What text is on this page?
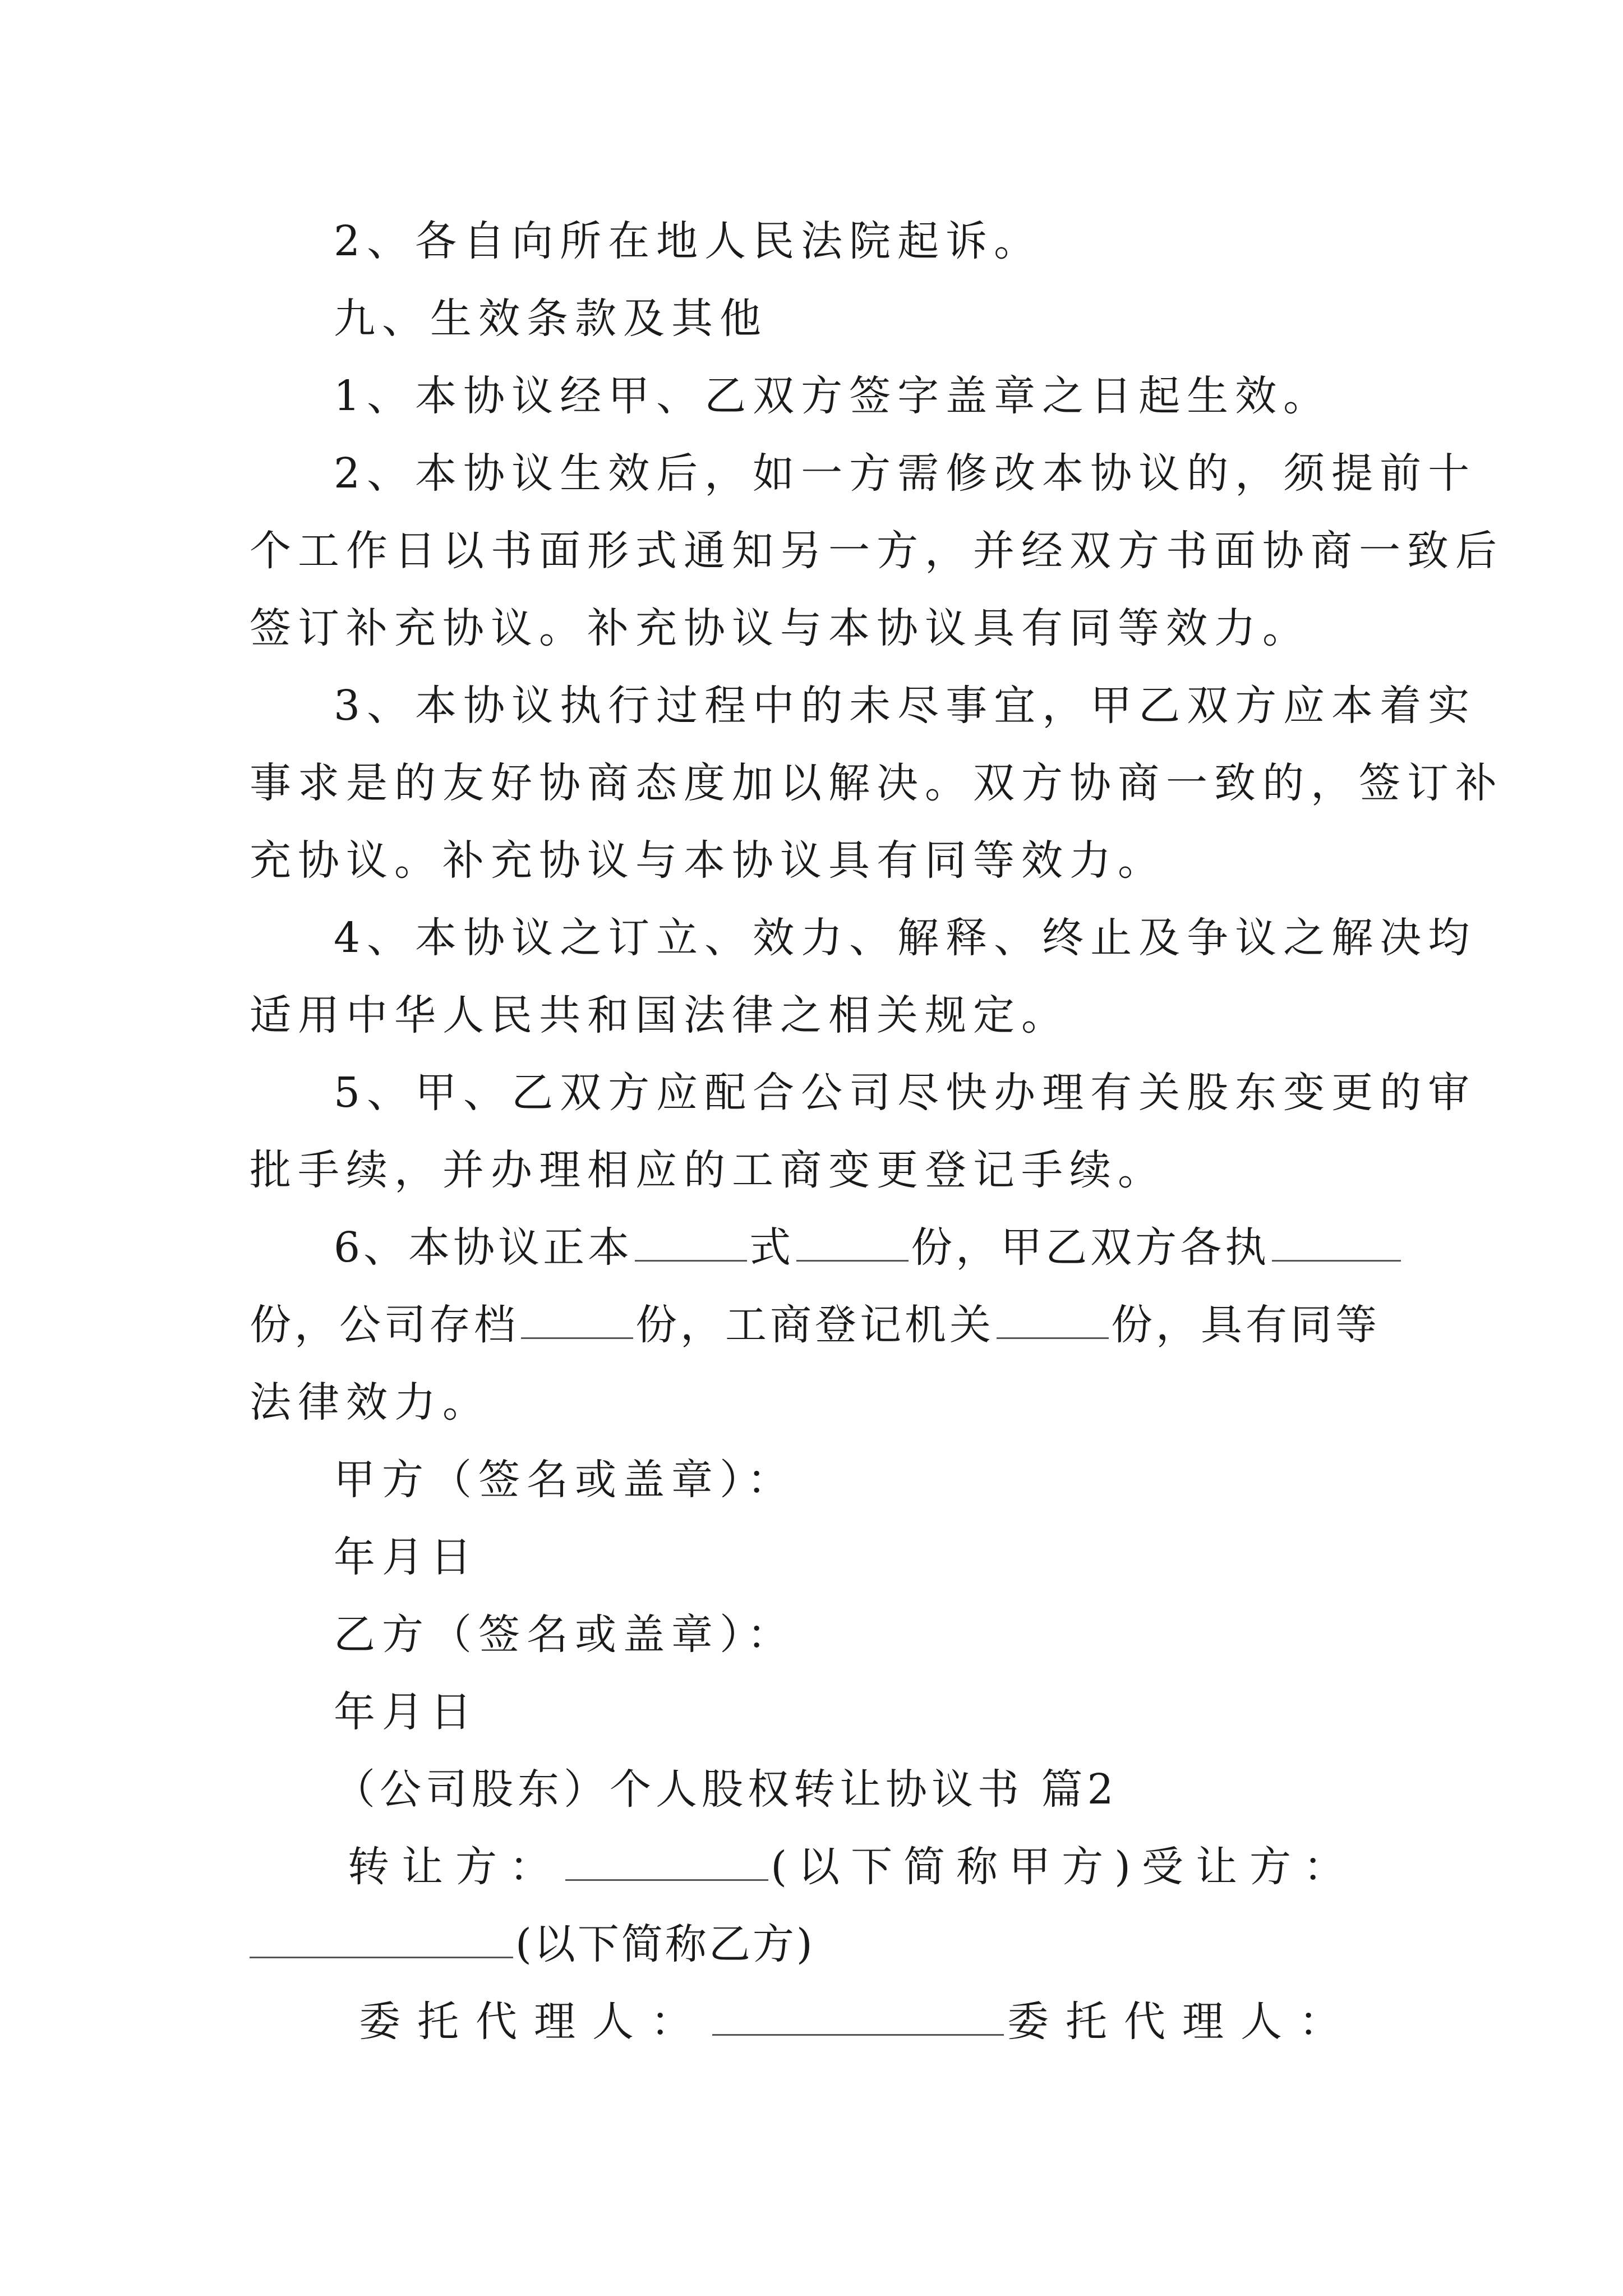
2、各自向所在地人民法院起诉。
九、生效条款及其他
1、本协议经甲、乙双方签字盖章之日起生效。
2、本协议生效后，如一方需修改本协议的，须提前十
个工作日以书面形式通知另一方，并经双方书面协商一致后
签订补充协议。补充协议与本协议具有同等效力。
3、本协议执行过程中的未尽事宜，甲乙双方应本着实
事求是的友好协商态度加以解决。双方协商一致的，签订补
充协议。补充协议与本协议具有同等效力。
4、本协议之订立、效力、解释、终止及争议之解决均
适用中华人民共和国法律之相关规定。
5、甲、乙双方应配合公司尽快办理有关股东变更的审
批手续，并办理相应的工商变更登记手续。
6、本协议正本	式	份，甲乙双方各执
份，公司存档	份，工商登记机关	份，具有同等
法律效力。
甲方（签名或盖章）：
年月日
乙方（签名或盖章）：
年月日
（公司股东）个人股权转让协议书 篇2
转让方：	(以下简称甲方) 受让方：
(以下简称乙方)
委托代理人：	委托代理人：
